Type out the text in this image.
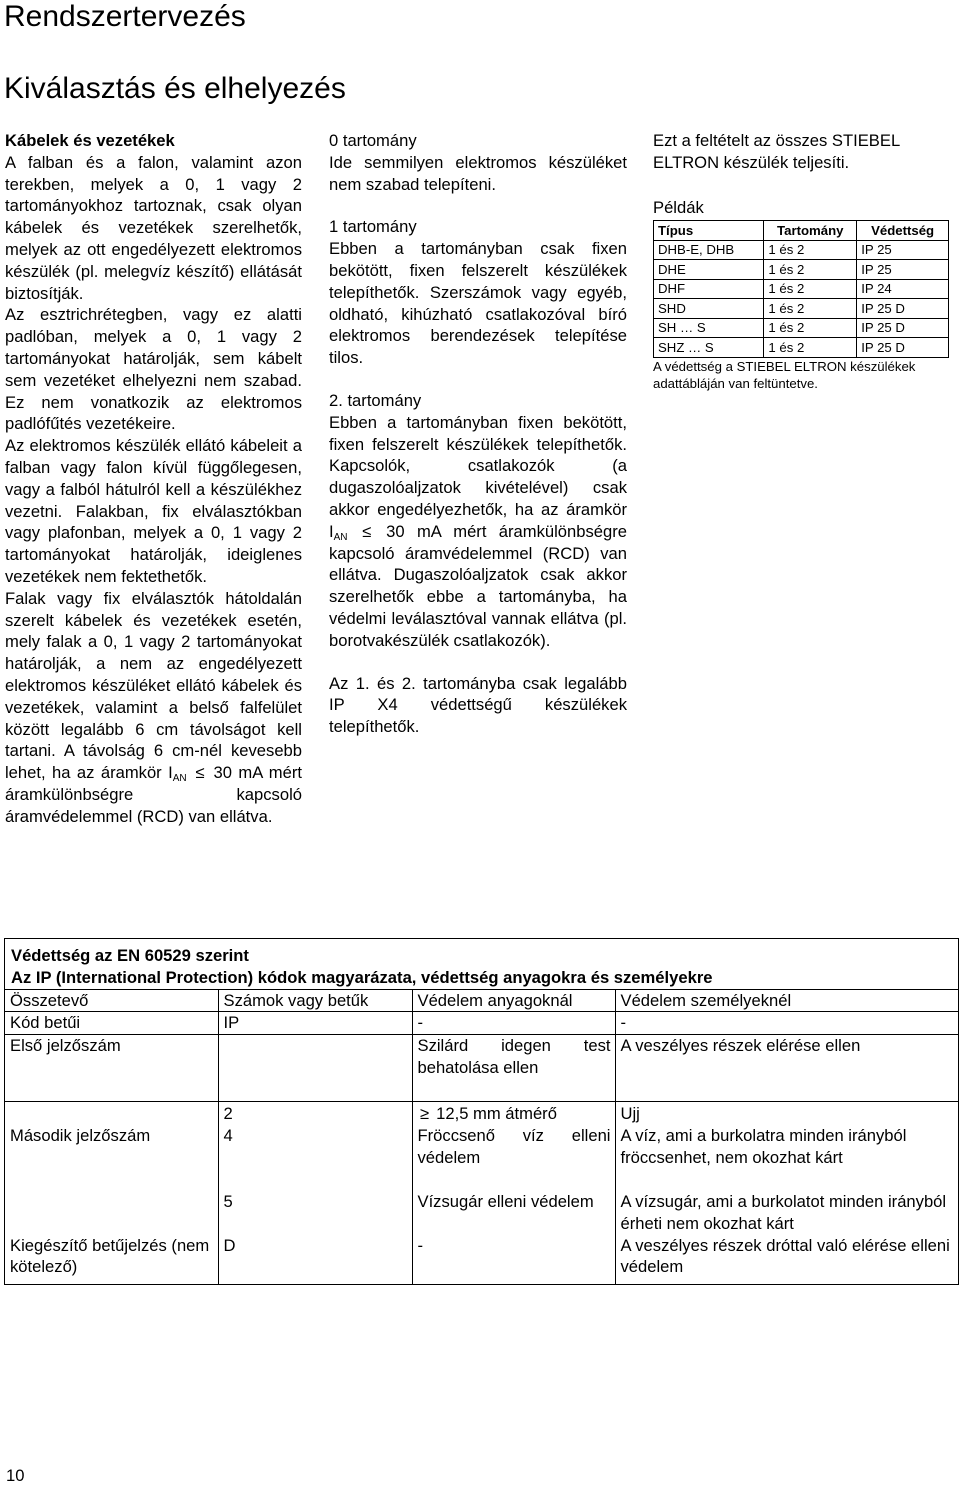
Rendszertervezés
Kiválasztás és elhelyezés

Kábelek és vezetékek

A falban és a falon, valamint azon terekben, melyek a 0, 1 vagy 2 tartományokhoz tartoznak, csak olyan kábelek és vezetékek szerelhetők, melyek az ott engedélyezett elektromos készülék (pl. melegvíz készítő) ellátását biztosítják.

Az esztrichrétegben, vagy ez alatti padlóban, melyek a 0, 1 vagy 2 tartományokat határolják, sem kábelt sem vezetéket elhelyezni nem szabad. Ez nem vonatkozik az elektromos padlófűtés vezetékeire.

Az elektromos készülék ellátó kábeleit a falban vagy falon kívül függőlegesen, vagy a falból hátulról kell a készülékhez vezetni. Falakban, fix elválasztókban vagy plafonban, melyek a 0, 1 vagy 2 tartományokat határolják, ideiglenes vezetékek nem fektethetők.

Falak vagy fix elválasztók hátoldalán szerelt kábelek és vezetékek esetén, mely falak a 0, 1 vagy 2 tartományokat határolják, a nem az engedélyezett elektromos készüléket ellátó kábelek és vezetékek, valamint a belső falfelület között legalább 6 cm távolságot kell tartani. A távolság 6 cm-nél kevesebb lehet, ha az áramkör $I_{AN} \le 30$ mA mért áramkülönbségre kapcsoló áramvédelemmel (RCD) van ellátva.

0 tartomány

Ide semmilyen elektromos készüléket nem szabad telepíteni.

1 tartomány

Ebben a tartományban csak fixen bekötött, fixen felszerelt készülékek telepíthetők. Szerszámok vagy egyéb, oldható, kihúzható csatlakozóval bíró elektromos berendezések telepítése tilos.

2. tartomány

Ebben a tartományban fixen bekötött, fixen felszerelt készülékek telepíthetők. Kapcsolók, csatlakozók (a dugaszolóaljzatok kivételével) csak akkor engedélyezhetők, ha az áramkör $I_{AN} \le 30$ mA mért áramkülönbségre kapcsoló áramvédelemmel (RCD) van ellátva. Dugaszolóaljzatok csak akkor szerelhetők ebbe a tartományba, ha védelmi leválasztóval vannak ellátva (pl. borotvakészülék csatlakozók).

Az 1. és 2. tartományba csak legalább IP X4 védettségű készülékek telepíthetők.

Ezt a feltételt az összes STIEBEL ELTRON készülék teljesíti.

Példák

Típus	Tartomány	Védettség
DHB-E, DHB	1 és 2	IP 25
DHE	1 és 2	IP 25
DHF	1 és 2	IP 24
SHD	1 és 2	IP 25 D
SH … S	1 és 2	IP 25 D
SHZ … S	1 és 2	IP 25 D

A védettség a STIEBEL ELTRON készülékek adattábláján van feltüntetve.

Védettség az EN 60529 szerint
Az IP (International Protection) kódok magyarázata, védettség anyagokra és személyekre
Összetevő	Számok vagy betűk	Védelem anyagoknál	Védelem személyeknél
Kód betűi	IP	-	-
Első jelzőszám		Szilárd idegen test behatolása ellen	A veszélyes részek elérése ellen
	2	≥ 12,5 mm átmérő	Ujj
Második jelzőszám	4	Fröccsenő víz elleni védelem	A víz, ami a burkolatra minden irányból fröccsenhet, nem okozhat kárt
	5	Vízsugár elleni védelem	A vízsugár, ami a burkolatot minden irányból érheti nem okozhat kárt
Kiegészítő betűjelzés (nem kötelező)	D	-	A veszélyes részek dróttal való elérése elleni védelem
10
